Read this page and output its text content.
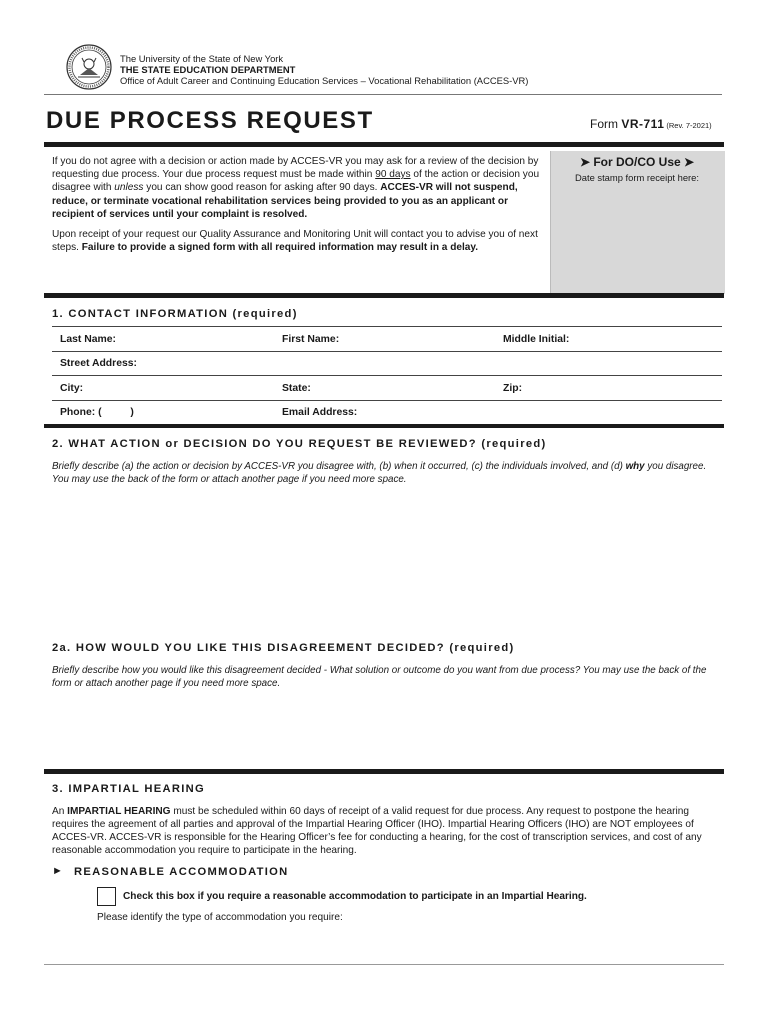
The University of the State of New York
THE STATE EDUCATION DEPARTMENT
Office of Adult Career and Continuing Education Services – Vocational Rehabilitation (ACCES-VR)
DUE PROCESS REQUEST	Form VR-711 (Rev. 7-2021)
If you do not agree with a decision or action made by ACCES-VR you may ask for a review of the decision by requesting due process. Your due process request must be made within 90 days of the action or decision you disagree with unless you can show good reason for asking after 90 days. ACCES-VR will not suspend, reduce, or terminate vocational rehabilitation services being provided to you as an applicant or recipient of services until your complaint is resolved.
Upon receipt of your request our Quality Assurance and Monitoring Unit will contact you to advise you of next steps. Failure to provide a signed form with all required information may result in a delay.
➤ For DO/CO Use ➤
Date stamp form receipt here:
1. CONTACT INFORMATION (required)
Last Name:	First Name:	Middle Initial:
Street Address:
City:	State:	Zip:
Phone: (          )	Email Address:
2. WHAT ACTION or DECISION DO YOU REQUEST BE REVIEWED? (required)
Briefly describe (a) the action or decision by ACCES-VR you disagree with, (b) when it occurred, (c) the individuals involved, and (d) why you disagree. You may use the back of the form or attach another page if you need more space.
2a. HOW WOULD YOU LIKE THIS DISAGREEMENT DECIDED? (required)
Briefly describe how you would like this disagreement decided - What solution or outcome do you want from due process? You may use the back of the form or attach another page if you need more space.
3. IMPARTIAL HEARING
An IMPARTIAL HEARING must be scheduled within 60 days of receipt of a valid request for due process. Any request to postpone the hearing requires the agreement of all parties and approval of the Impartial Hearing Officer (IHO). Impartial Hearing Officers (IHO) are NOT employees of ACCES-VR. ACCES-VR is responsible for the Hearing Officer’s fee for conducting a hearing, for the cost of transcription services, and cost of any reasonable accommodation you require to participate in the hearing.
► REASONABLE ACCOMMODATION
Check this box if you require a reasonable accommodation to participate in an Impartial Hearing.
Please identify the type of accommodation you require:
